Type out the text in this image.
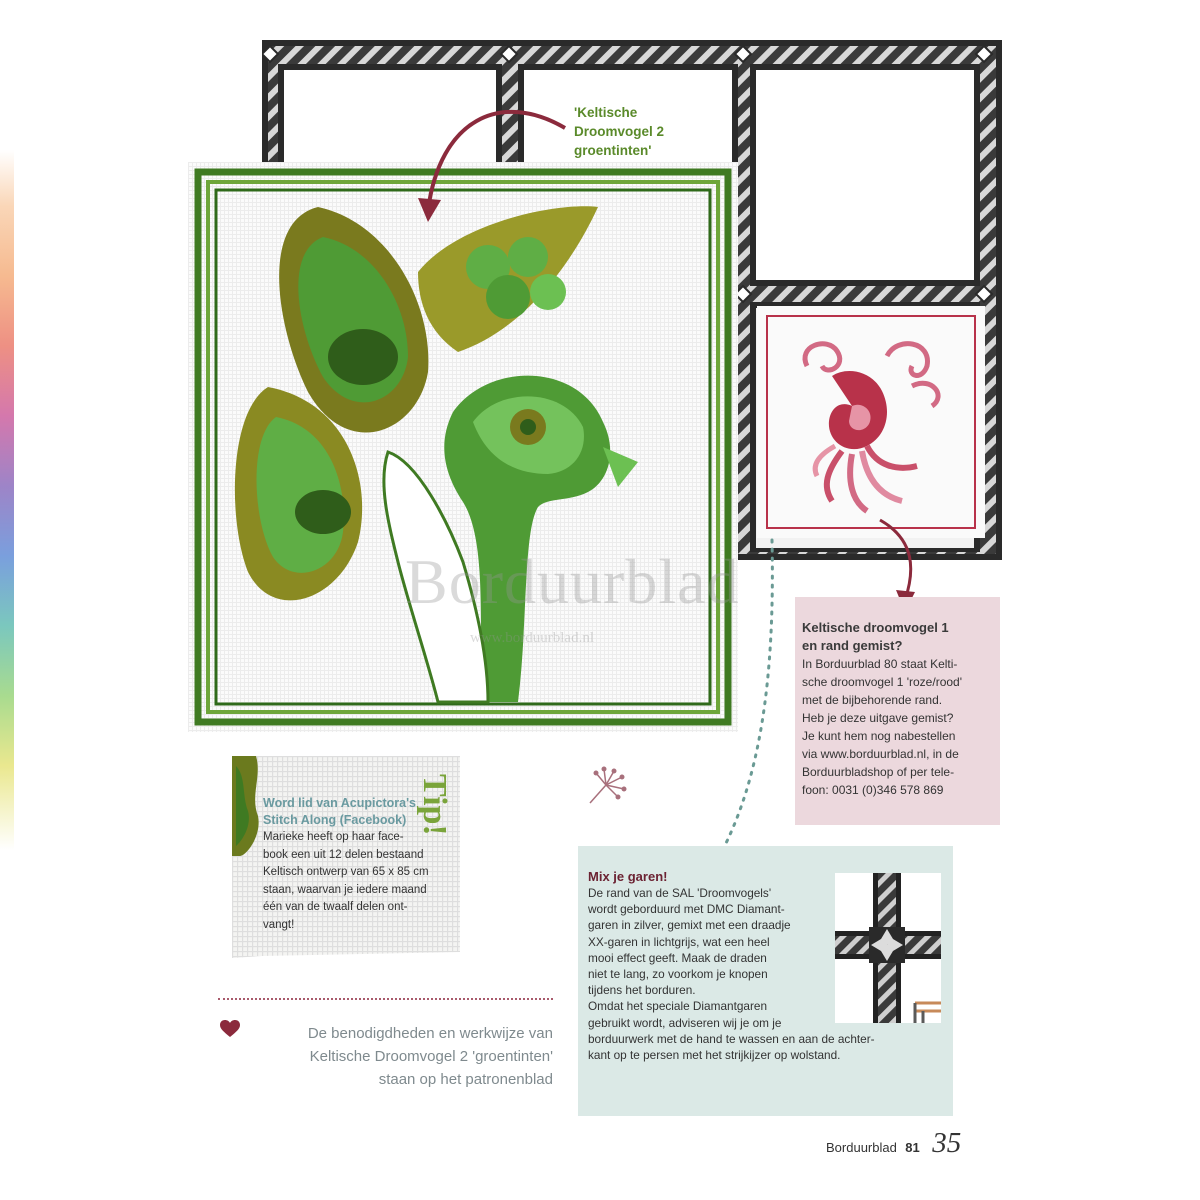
Borduurblad
www.borduurblad.nl
'Keltische
Droomvogel 2
groentinten'
Keltische droomvogel 1
en rand gemist?
In Borduurblad 80 staat Kelti-
sche droomvogel 1 'roze/rood'
met de bijbehorende rand.
Heb je deze uitgave gemist?
Je kunt hem nog nabestellen
via www.borduurblad.nl, in de
Borduurbladshop of per tele-
foon: 0031 (0)346 578 869
Tip!
Word lid van Acupictora's
Stitch Along (Facebook)
Marieke heeft op haar face-
book een uit 12 delen bestaand
Keltisch ontwerp van 65 x 85 cm
staan, waarvan je iedere maand
één van de twaalf delen ont-
vangt!
De benodigdheden en werkwijze van
Keltische Droomvogel 2 'groentinten'
staan op het patronenblad
Mix je garen!
De rand van de SAL 'Droomvogels'
wordt geborduurd met DMC Diamant-
garen in zilver, gemixt met een draadje
XX-garen in lichtgrijs, wat een heel
mooi effect geeft. Maak de draden
niet te lang, zo voorkom je knopen
tijdens het borduren.
Omdat het speciale Diamantgaren
gebruikt wordt, adviseren wij je om je
borduurwerk met de hand te wassen en aan de achter-
kant op te persen met het strijkijzer op wolstand.
Borduurblad 81 35
